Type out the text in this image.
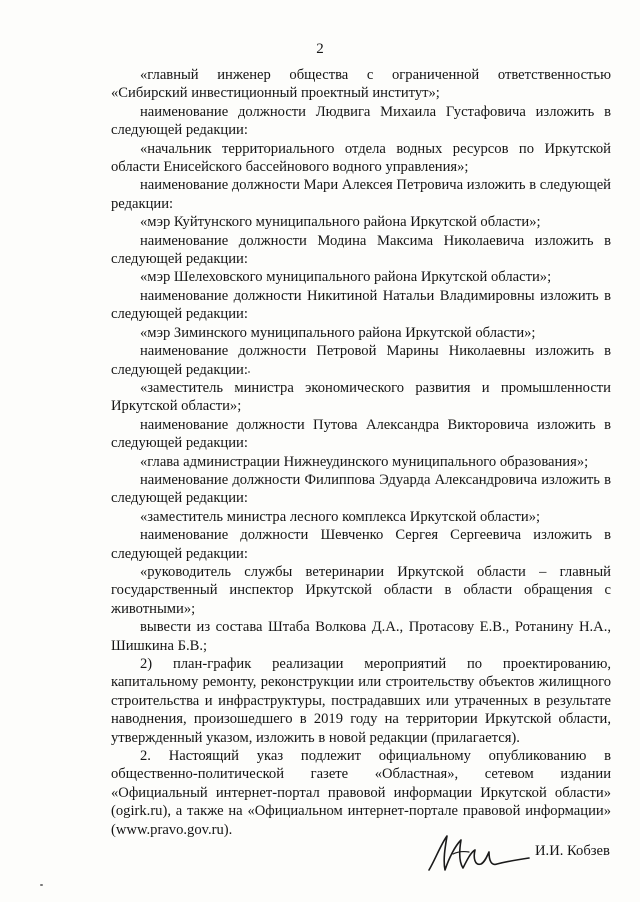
2

«главный инженер общества с ограниченной ответственностью «Сибирский инвестиционный проектный институт»;

наименование должности Людвига Михаила Густафовича изложить в следующей редакции:

«начальник территориального отдела водных ресурсов по Иркутской области Енисейского бассейнового водного управления»;

наименование должности Мари Алексея Петровича изложить в следующей редакции:

«мэр Куйтунского муниципального района Иркутской области»;

наименование должности Модина Максима Николаевича изложить в следующей редакции:

«мэр Шелеховского муниципального района Иркутской области»;

наименование должности Никитиной Натальи Владимировны изложить в следующей редакции:

«мэр Зиминского муниципального района Иркутской области»;

наименование должности Петровой Марины Николаевны изложить в следующей редакции:

«заместитель министра экономического развития и промышленности Иркутской области»;

наименование должности Путова Александра Викторовича изложить в следующей редакции:

«глава администрации Нижнеудинского муниципального образования»;

наименование должности Филиппова Эдуарда Александровича изложить в следующей редакции:

«заместитель министра лесного комплекса Иркутской области»;

наименование должности Шевченко Сергея Сергеевича изложить в следующей редакции:

«руководитель службы ветеринарии Иркутской области – главный государственный инспектор Иркутской области в области обращения с животными»;

вывести из состава Штаба Волкова Д.А., Протасову Е.В., Ротанину Н.А., Шишкина Б.В.;

2) план-график реализации мероприятий по проектированию, капитальному ремонту, реконструкции или строительству объектов жилищного строительства и инфраструктуры, пострадавших или утраченных в результате наводнения, произошедшего в 2019 году на территории Иркутской области, утвержденный указом, изложить в новой редакции (прилагается).

2. Настоящий указ подлежит официальному опубликованию в общественно-политической газете «Областная», сетевом издании «Официальный интернет-портал правовой информации Иркутской области» (ogirk.ru), а также на «Официальном интернет-портале правовой информации» (www.pravo.gov.ru).

И.И. Кобзев
